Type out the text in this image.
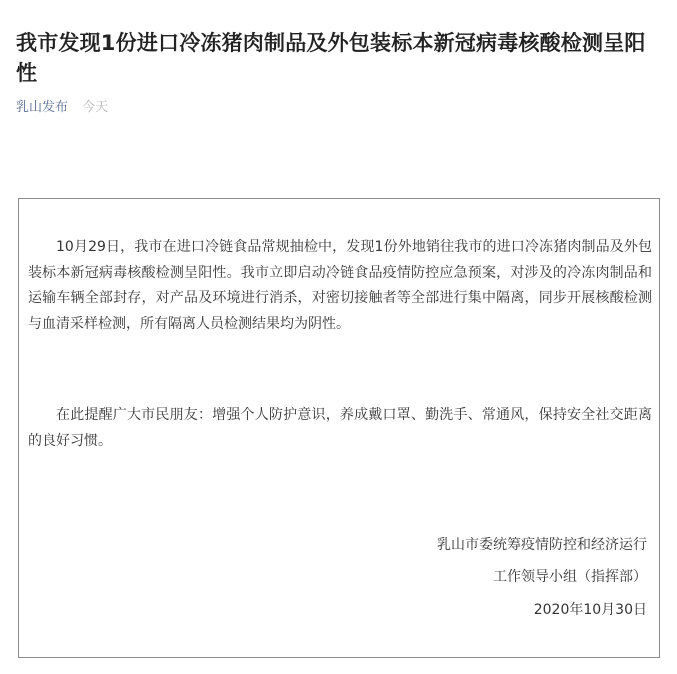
我市发现1份进口冷冻猪肉制品及外包装标本新冠病毒核酸检测呈阳性
乳山发布 今天

10月29日，我市在进口冷链食品常规抽检中，发现1份外地销往我市的进口冷冻猪肉制品及外包装标本新冠病毒核酸检测呈阳性。我市立即启动冷链食品疫情防控应急预案，对涉及的冷冻肉制品和运输车辆全部封存，对产品及环境进行消杀，对密切接触者等全部进行集中隔离，同步开展核酸检测与血清采样检测，所有隔离人员检测结果均为阴性。

在此提醒广大市民朋友：增强个人防护意识，养成戴口罩、勤洗手、常通风，保持安全社交距离的良好习惯。

乳山市委统筹疫情防控和经济运行
工作领导小组（指挥部）
2020年10月30日
